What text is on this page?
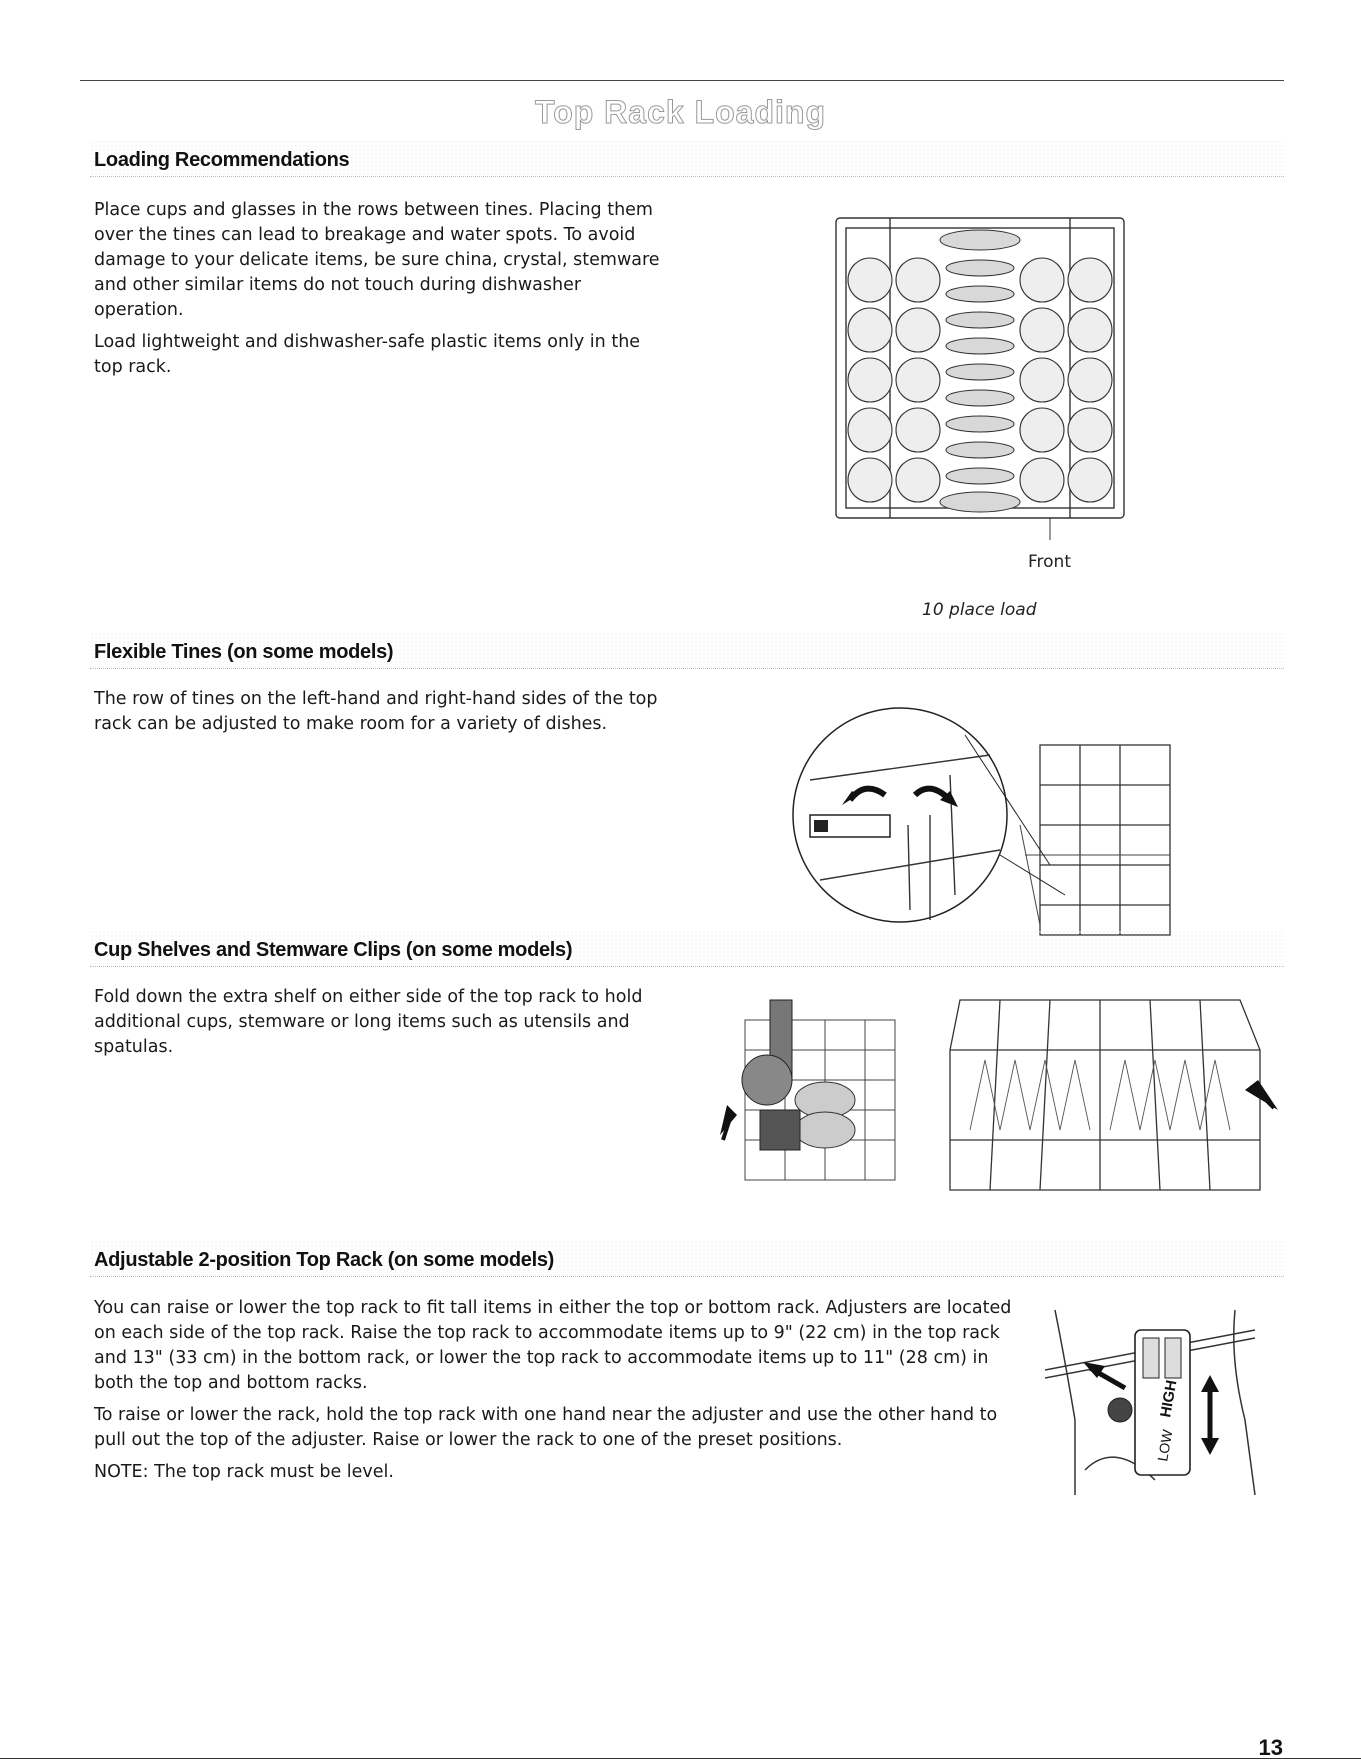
Top Rack Loading
Loading Recommendations

Place cups and glasses in the rows between tines. Placing them over the tines can lead to breakage and water spots. To avoid damage to your delicate items, be sure china, crystal, stemware and other similar items do not touch during dishwasher operation.

Load lightweight and dishwasher-safe plastic items only in the top rack.

Front
10 place load
Flexible Tines (on some models)

The row of tines on the left-hand and right-hand sides of the top rack can be adjusted to make room for a variety of dishes.

Cup Shelves and Stemware Clips (on some models)

Fold down the extra shelf on either side of the top rack to hold additional cups, stemware or long items such as utensils and spatulas.

Adjustable 2-position Top Rack (on some models)

You can raise or lower the top rack to fit tall items in either the top or bottom rack. Adjusters are located on each side of the top rack. Raise the top rack to accommodate items up to 9" (22 cm) in the top rack and 13" (33 cm) in the bottom rack, or lower the top rack to accommodate items up to 11" (28 cm) in both the top and bottom racks.

To raise or lower the rack, hold the top rack with one hand near the adjuster and use the other hand to pull out the top of the adjuster. Raise or lower the rack to one of the preset positions.

NOTE: The top rack must be level.

HIGH
LOW
13
